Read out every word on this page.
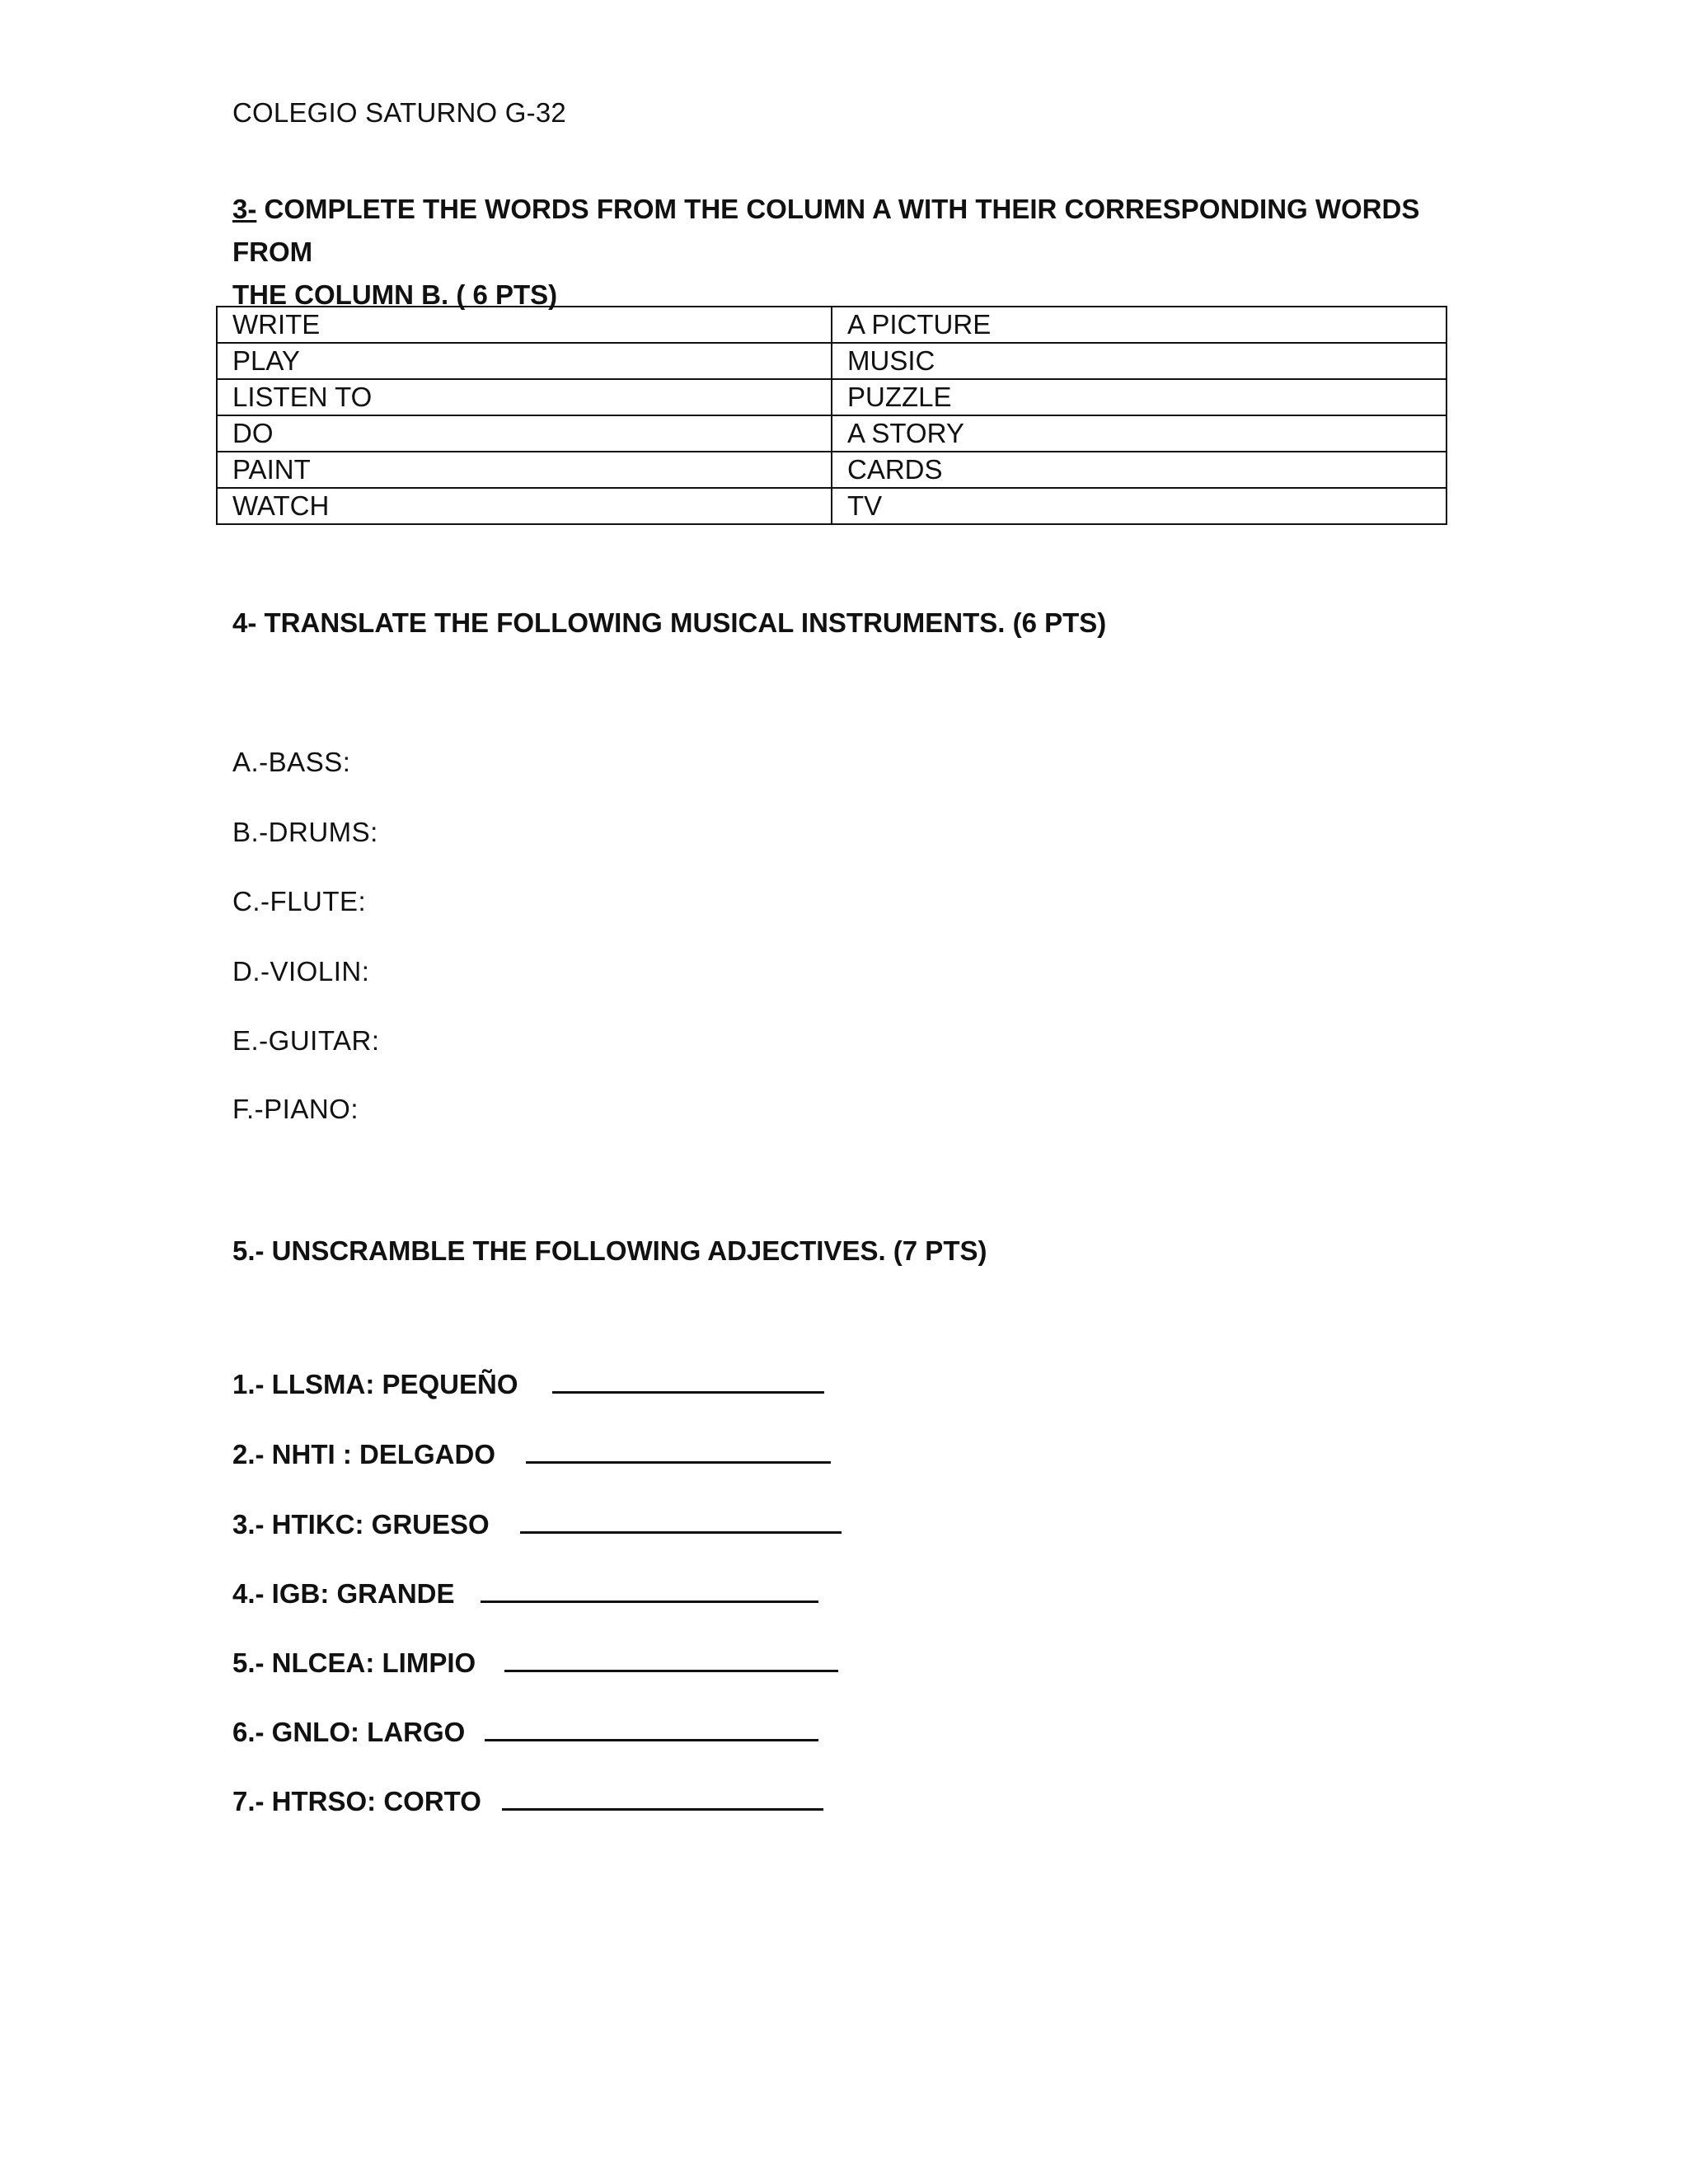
COLEGIO SATURNO G-32
3- COMPLETE THE WORDS FROM THE COLUMN A WITH THEIR CORRESPONDING WORDS FROM
THE COLUMN B. ( 6 PTS)
WRITE	A PICTURE
PLAY	MUSIC
LISTEN TO	PUZZLE
DO	A STORY
PAINT	CARDS
WATCH	TV
4- TRANSLATE THE FOLLOWING MUSICAL INSTRUMENTS. (6 PTS)
A.-BASS:
B.-DRUMS:
C.-FLUTE:
D.-VIOLIN:
E.-GUITAR:
F.-PIANO:
5.- UNSCRAMBLE THE FOLLOWING ADJECTIVES. (7 PTS)
1.- LLSMA: PEQUEÑO
2.- NHTI : DELGADO
3.- HTIKC: GRUESO
4.- IGB: GRANDE
5.- NLCEA: LIMPIO
6.- GNLO: LARGO
7.- HTRSO: CORTO
